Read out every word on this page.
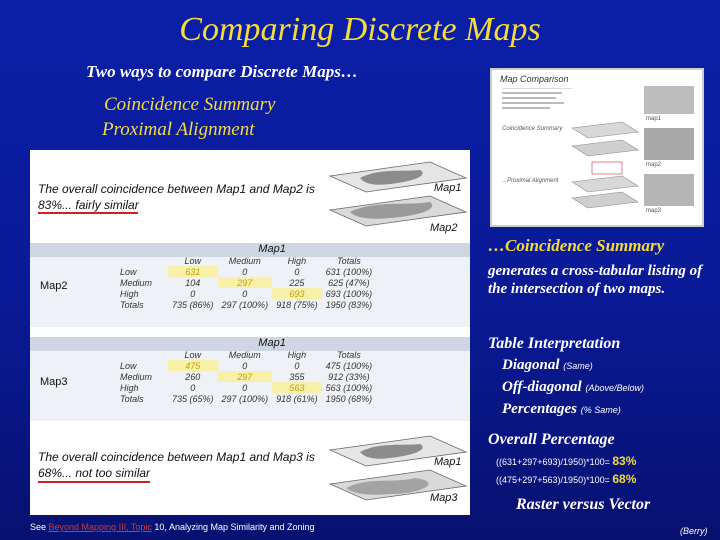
Comparing Discrete Maps
Two ways to compare Discrete Maps…
Coincidence Summary
Proximal Alignment
Map Comparison
Coincidence Summary
...Proximal Alignment
map1
map2
map3
Map1
Map2
The overall coincidence between Map1 and Map2 is
83%... fairly similar
Map2
	Map1			
	Low	Medium	High	Totals
Low	631	0	0	631 (100%)
Medium	104	297	225	625 (47%)
High	0	0	693	693 (100%)
Totals	735 (86%)	297 (100%)	918 (75%)	1950 (83%)
Map3
	Map1			
	Low	Medium	High	Totals
Low	475	0	0	475 (100%)
Medium	260	297	355	912 (33%)
High	0	0	563	563 (100%)
Totals	735 (65%)	297 (100%)	918 (61%)	1950 (68%)
Map1
Map3
The overall coincidence between Map1 and Map3 is
68%... not too similar
…Coincidence Summary
generates a cross-tabular listing of the intersection of two maps.
Table Interpretation
Diagonal (Same)
Off-diagonal (Above/Below)
Percentages (% Same)
Overall Percentage
((631+297+693)/1950)*100= 83%
((475+297+563)/1950)*100= 68%
Raster versus Vector
See Beyond Mapping III, Topic 10, Analyzing Map Similarity and Zoning	(Berry)
